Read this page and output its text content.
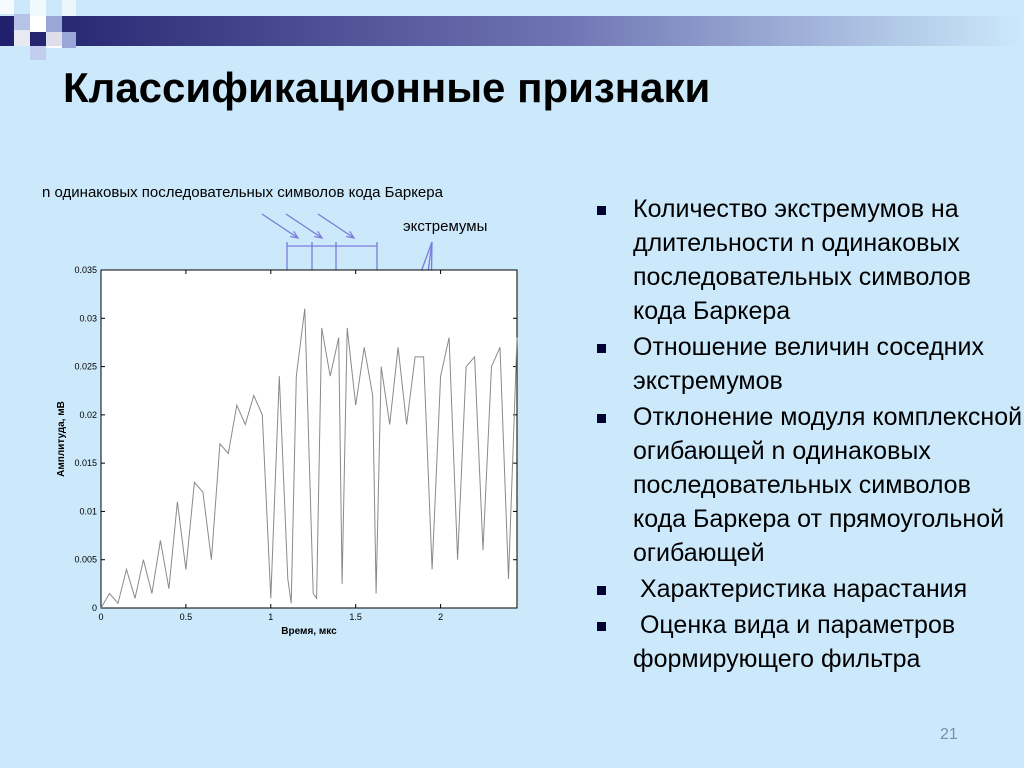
Классификационные признаки
n одинаковых последовательных символов кода Баркера
экстремумы
0
0.005
0.01
0.015
0.02
0.025
0.03
0.035
0	0.5	1	1.5	2
Время, мкс
Амплитуда, мВ
Количество экстремумов на длительности n одинаковых последовательных символов кода Баркера
Отношение величин соседних экстремумов
Отклонение модуля комплексной огибающей n одинаковых последовательных символов кода Баркера от прямоугольной огибающей
Характеристика нарастания
Оценка вида и параметров формирующего фильтра
21
